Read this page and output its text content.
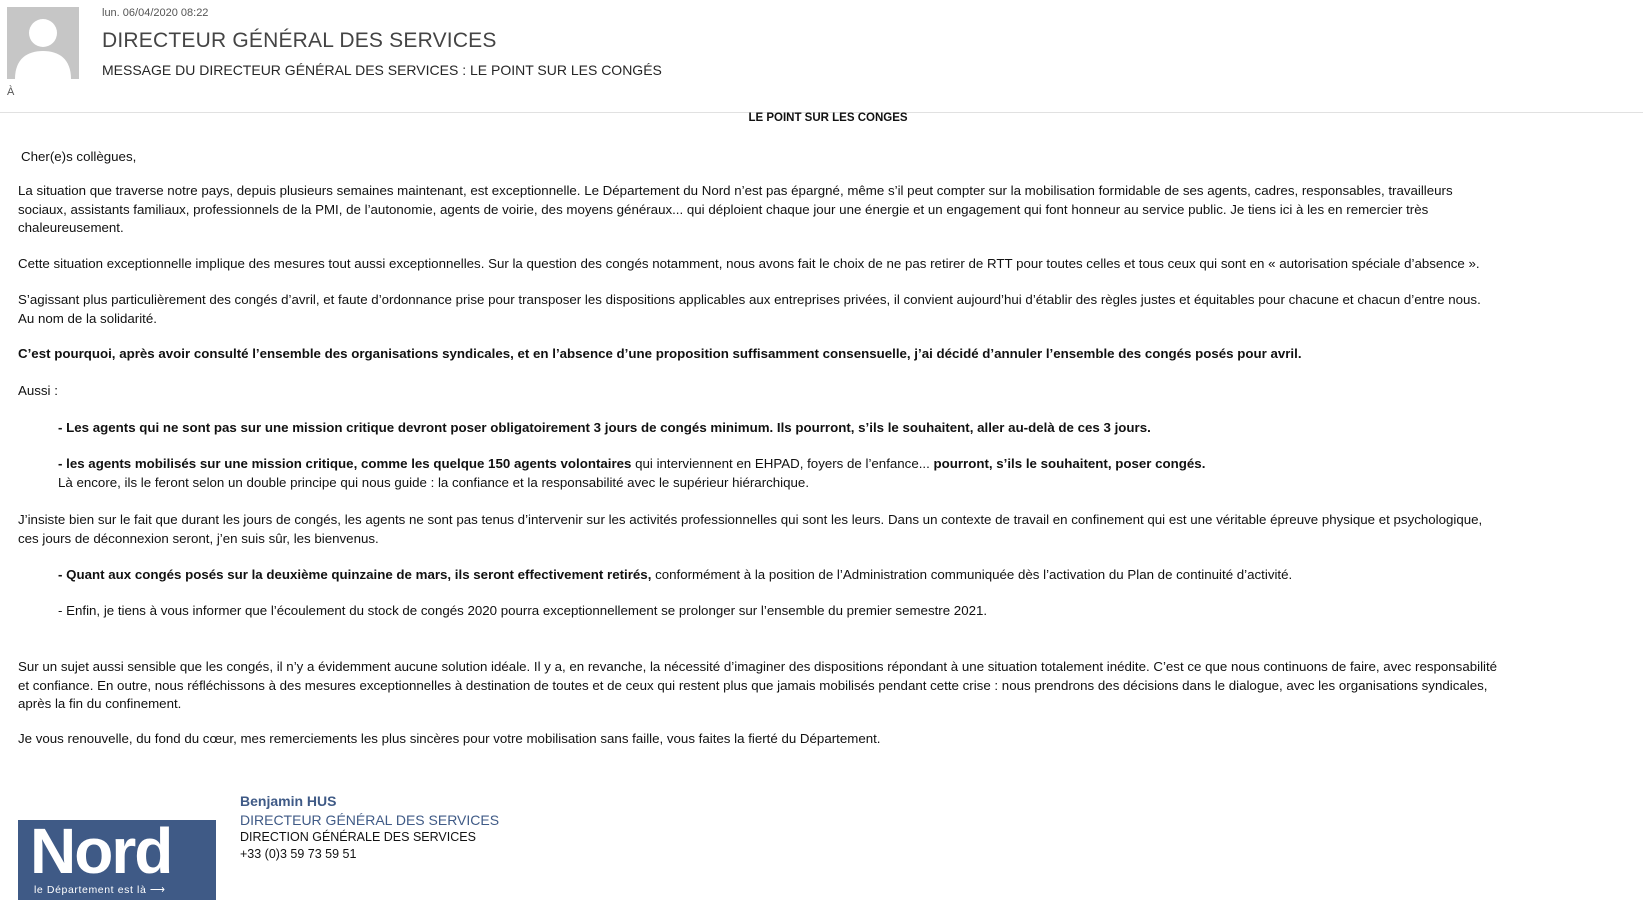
lun. 06/04/2020 08:22
DIRECTEUR GÉNÉRAL DES SERVICES
MESSAGE DU DIRECTEUR GÉNÉRAL DES SERVICES : LE POINT SUR LES CONGÉS
À

LE POINT SUR LES CONGES

Cher(e)s collègues,

La situation que traverse notre pays, depuis plusieurs semaines maintenant, est exceptionnelle. Le Département du Nord n’est pas épargné, même s’il peut compter sur la mobilisation formidable de ses agents, cadres, responsables, travailleurs

sociaux, assistants familiaux, professionnels de la PMI, de l’autonomie, agents de voirie, des moyens généraux... qui déploient chaque jour une énergie et un engagement qui font honneur au service public. Je tiens ici à les en remercier très

chaleureusement.

Cette situation exceptionnelle implique des mesures tout aussi exceptionnelles. Sur la question des congés notamment, nous avons fait le choix de ne pas retirer de RTT pour toutes celles et tous ceux qui sont en « autorisation spéciale d’absence ».

S’agissant plus particulièrement des congés d’avril, et faute d’ordonnance prise pour transposer les dispositions applicables aux entreprises privées, il convient aujourd’hui d’établir des règles justes et équitables pour chacune et chacun d’entre nous.

Au nom de la solidarité.

C’est pourquoi, après avoir consulté l’ensemble des organisations syndicales, et en l’absence d’une proposition suffisamment consensuelle, j’ai décidé d’annuler l’ensemble des congés posés pour avril.

Aussi :

- Les agents qui ne sont pas sur une mission critique devront poser obligatoirement 3 jours de congés minimum. Ils pourront, s’ils le souhaitent, aller au-delà de ces 3 jours.

- les agents mobilisés sur une mission critique, comme les quelque 150 agents volontaires qui interviennent en EHPAD, foyers de l’enfance... pourront, s’ils le souhaitent, poser congés.

Là encore, ils le feront selon un double principe qui nous guide : la confiance et la responsabilité avec le supérieur hiérarchique.

J’insiste bien sur le fait que durant les jours de congés, les agents ne sont pas tenus d’intervenir sur les activités professionnelles qui sont les leurs. Dans un contexte de travail en confinement qui est une véritable épreuve physique et psychologique,

ces jours de déconnexion seront, j’en suis sûr, les bienvenus.

- Quant aux congés posés sur la deuxième quinzaine de mars, ils seront effectivement retirés, conformément à la position de l’Administration communiquée dès l’activation du Plan de continuité d’activité.

- Enfin, je tiens à vous informer que l’écoulement du stock de congés 2020 pourra exceptionnellement se prolonger sur l’ensemble du premier semestre 2021.

Sur un sujet aussi sensible que les congés, il n’y a évidemment aucune solution idéale. Il y a, en revanche, la nécessité d’imaginer des dispositions répondant à une situation totalement inédite. C’est ce que nous continuons de faire, avec responsabilité

et confiance. En outre, nous réfléchissons à des mesures exceptionnelles à destination de toutes et de ceux qui restent plus que jamais mobilisés pendant cette crise : nous prendrons des décisions dans le dialogue, avec les organisations syndicales,

après la fin du confinement.

Je vous renouvelle, du fond du cœur, mes remerciements les plus sincères pour votre mobilisation sans faille, vous faites la fierté du Département.

Nord
le Département est là ⟶
Benjamin HUS
DIRECTEUR GÉNÉRAL DES SERVICES
DIRECTION GÉNÉRALE DES SERVICES
+33 (0)3 59 73 59 51
